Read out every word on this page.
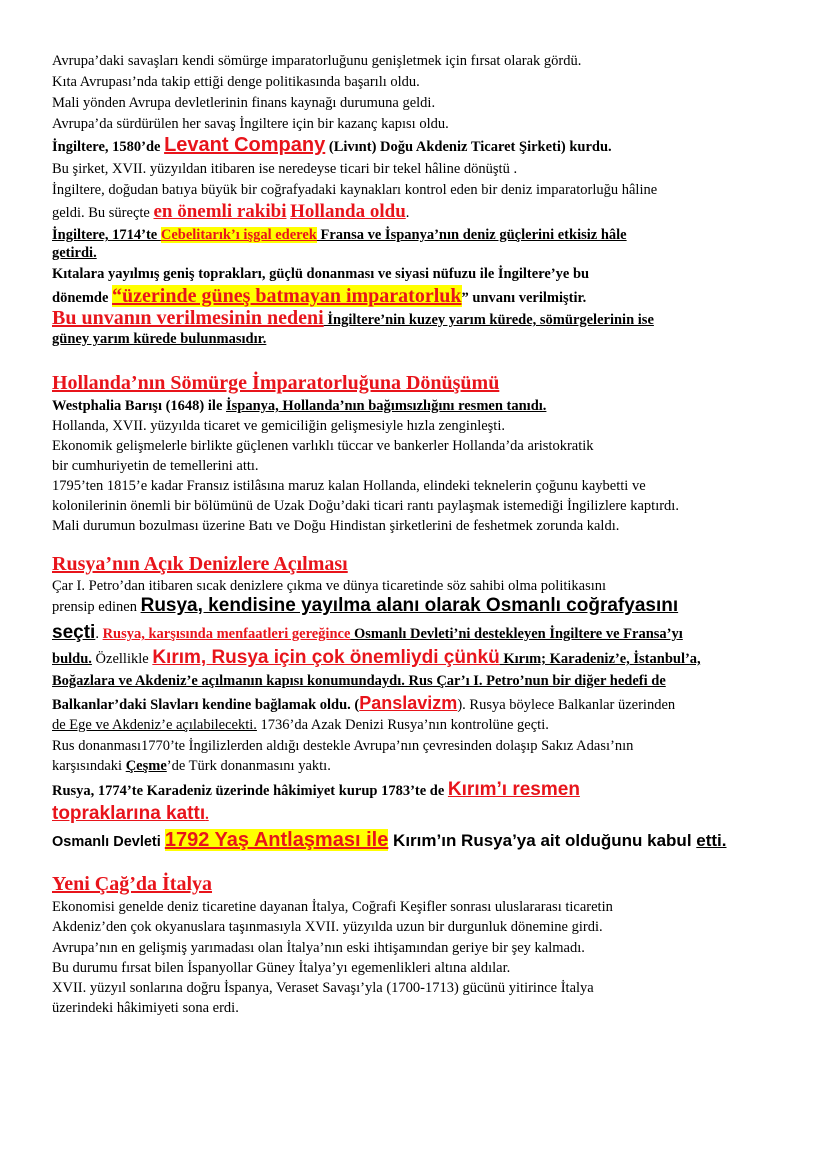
Avrupa’daki savaşları kendi sömürge imparatorluğunu genişletmek için fırsat olarak gördü.
Kıta Avrupası’nda takip ettiği denge politikasında başarılı oldu.
Mali yönden Avrupa devletlerinin finans kaynağı durumuna geldi.
Avrupa’da sürdürülen her savaş İngiltere için bir kazanç kapısı oldu.
İngiltere, 1580’de Levant Company (Livınt) Doğu Akdeniz Ticaret Şirketi) kurdu.
Bu şirket, XVII. yüzyıldan itibaren ise neredeyse ticari bir tekel hâline dönüştü .
İngiltere, doğudan batıya büyük bir coğrafyadaki kaynakları kontrol eden bir deniz imparatorluğu hâline
geldi. Bu süreçte en önemli rakibi Hollanda oldu.
İngiltere, 1714’te Cebelitarık’ı işgal ederek Fransa ve İspanya’nın deniz güçlerini etkisiz hâle
getirdi.
Kıtalara yayılmış geniş toprakları, güçlü donanması ve siyasi nüfuzu ile İngiltere’ye bu
dönemde “üzerinde güneş batmayan imparatorluk” unvanı verilmiştir.
Bu unvanın verilmesinin nedeni İngiltere’nin kuzey yarım kürede, sömürgelerinin ise
güney yarım kürede bulunmasıdır.
Hollanda’nın Sömürge İmparatorluğuna Dönüşümü
Westphalia Barışı (1648) ile İspanya, Hollanda’nın bağımsızlığını resmen tanıdı.
Hollanda, XVII. yüzyılda ticaret ve gemiciliğin gelişmesiyle hızla zenginleşti.
Ekonomik gelişmelerle birlikte güçlenen varlıklı tüccar ve bankerler Hollanda’da aristokratik
bir cumhuriyetin de temellerini attı.
1795’ten 1815’e kadar Fransız istilâsına maruz kalan Hollanda, elindeki teknelerin çoğunu kaybetti ve
kolonilerinin önemli bir bölümünü de Uzak Doğu’daki ticari rantı paylaşmak istemediği İngilizlere kaptırdı.
Mali durumun bozulması üzerine Batı ve Doğu Hindistan şirketlerini de feshetmek zorunda kaldı.
Rusya’nın Açık Denizlere Açılması
Çar I. Petro’dan itibaren sıcak denizlere çıkma ve dünya ticaretinde söz sahibi olma politikasını
prensip edinen Rusya, kendisine yayılma alanı olarak Osmanlı coğrafyasını
seçti. Rusya, karşısında menfaatleri gereğince Osmanlı Devleti’ni destekleyen İngiltere ve Fransa’yı
buldu. Özellikle Kırım, Rusya için çok önemliydi çünkü Kırım; Karadeniz’e, İstanbul’a,
Boğazlara ve Akdeniz’e açılmanın kapısı konumundaydı. Rus Çar’ı I. Petro’nun bir diğer hedefi de
Balkanlar’daki Slavları kendine bağlamak oldu. (Panslavizm). Rusya böylece Balkanlar üzerinden
de Ege ve Akdeniz’e açılabilecekti. 1736’da Azak Denizi Rusya’nın kontrolüne geçti.
Rus donanması1770’te İngilizlerden aldığı destekle Avrupa’nın çevresinden dolaşıp Sakız Adası’nın
karşısındaki Çeşme’de Türk donanmasını yaktı.
Rusya, 1774’te Karadeniz üzerinde hâkimiyet kurup 1783’te de Kırım’ı resmen
topraklarına kattı.
Osmanlı Devleti 1792 Yaş Antlaşması ile Kırım’ın Rusya’ya ait olduğunu kabul etti.
Yeni Çağ’da İtalya
Ekonomisi genelde deniz ticaretine dayanan İtalya, Coğrafi Keşifler sonrası uluslararası ticaretin
Akdeniz’den çok okyanuslara taşınmasıyla XVII. yüzyılda uzun bir durgunluk dönemine girdi.
Avrupa’nın en gelişmiş yarımadası olan İtalya’nın eski ihtişamından geriye bir şey kalmadı.
Bu durumu fırsat bilen İspanyollar Güney İtalya’yı egemenlikleri altına aldılar.
XVII. yüzyıl sonlarına doğru İspanya, Veraset Savaşı’yla (1700-1713) gücünü yitirince İtalya
üzerindeki hâkimiyeti sona erdi.
